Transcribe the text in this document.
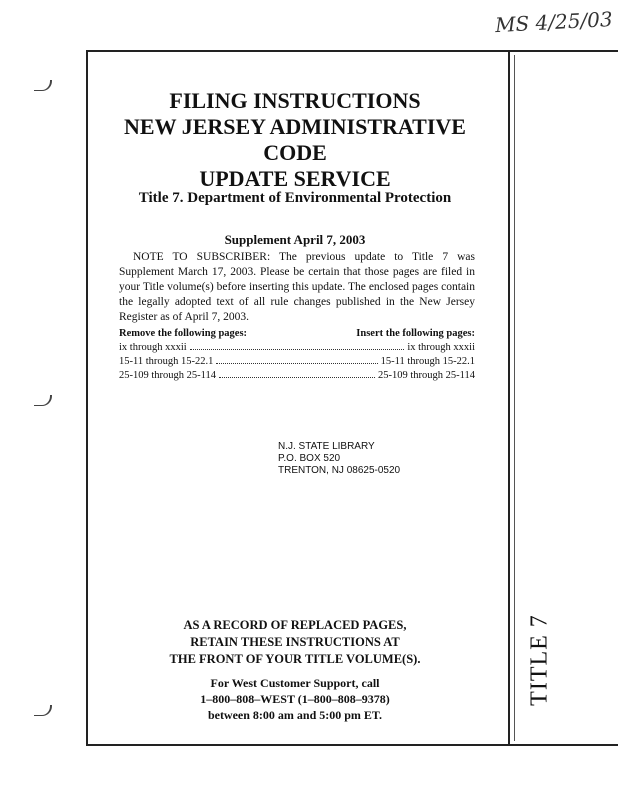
MS 4/25/03
FILING INSTRUCTIONS
NEW JERSEY ADMINISTRATIVE CODE
UPDATE SERVICE
Title 7. Department of Environmental Protection
Supplement April 7, 2003
NOTE TO SUBSCRIBER: The previous update to Title 7 was Supplement March 17, 2003. Please be certain that those pages are filed in your Title volume(s) before inserting this update. The enclosed pages contain the legally adopted text of all rule changes published in the New Jersey Register as of April 7, 2003.
Remove the following pages:	Insert the following pages:
ix through xxxii	ix through xxxii
15-11 through 15-22.1	15-11 through 15-22.1
25-109 through 25-114	25-109 through 25-114
N.J. STATE LIBRARY
P.O. BOX 520
TRENTON, NJ 08625-0520
AS A RECORD OF REPLACED PAGES,
RETAIN THESE INSTRUCTIONS AT
THE FRONT OF YOUR TITLE VOLUME(S).
For West Customer Support, call
1–800–808–WEST (1–800–808–9378)
between 8:00 am and 5:00 pm ET.
TITLE 7
